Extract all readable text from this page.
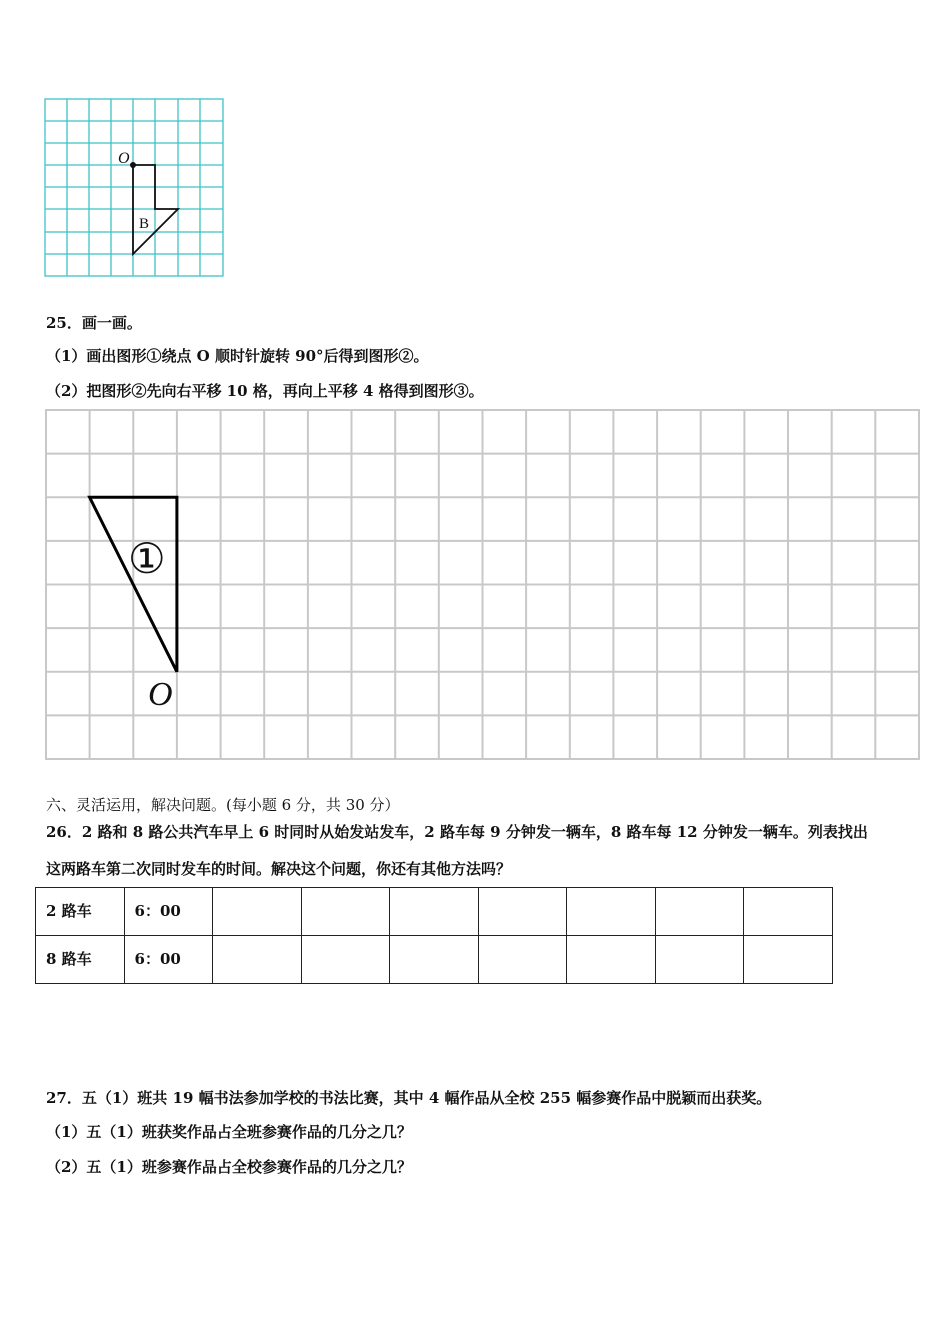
O
B
25．画一画。
（1）画出图形①绕点 O 顺时针旋转 90°后得到图形②。
（2）把图形②先向右平移 10 格，再向上平移 4 格得到图形③。
①
O
六、灵活运用，解决问题。(每小题 6 分，共 30 分）
26．2 路和 8 路公共汽车早上 6 时同时从始发站发车，2 路车每 9 分钟发一辆车，8 路车每 12 分钟发一辆车。列表找出
这两路车第二次同时发车的时间。解决这个问题，你还有其他方法吗？
2 路车	6：00							
8 路车	6：00							
27．五（1）班共 19 幅书法参加学校的书法比赛，其中 4 幅作品从全校 255 幅参赛作品中脱颖而出获奖。
（1）五（1）班获奖作品占全班参赛作品的几分之几？
（2）五（1）班参赛作品占全校参赛作品的几分之几？
